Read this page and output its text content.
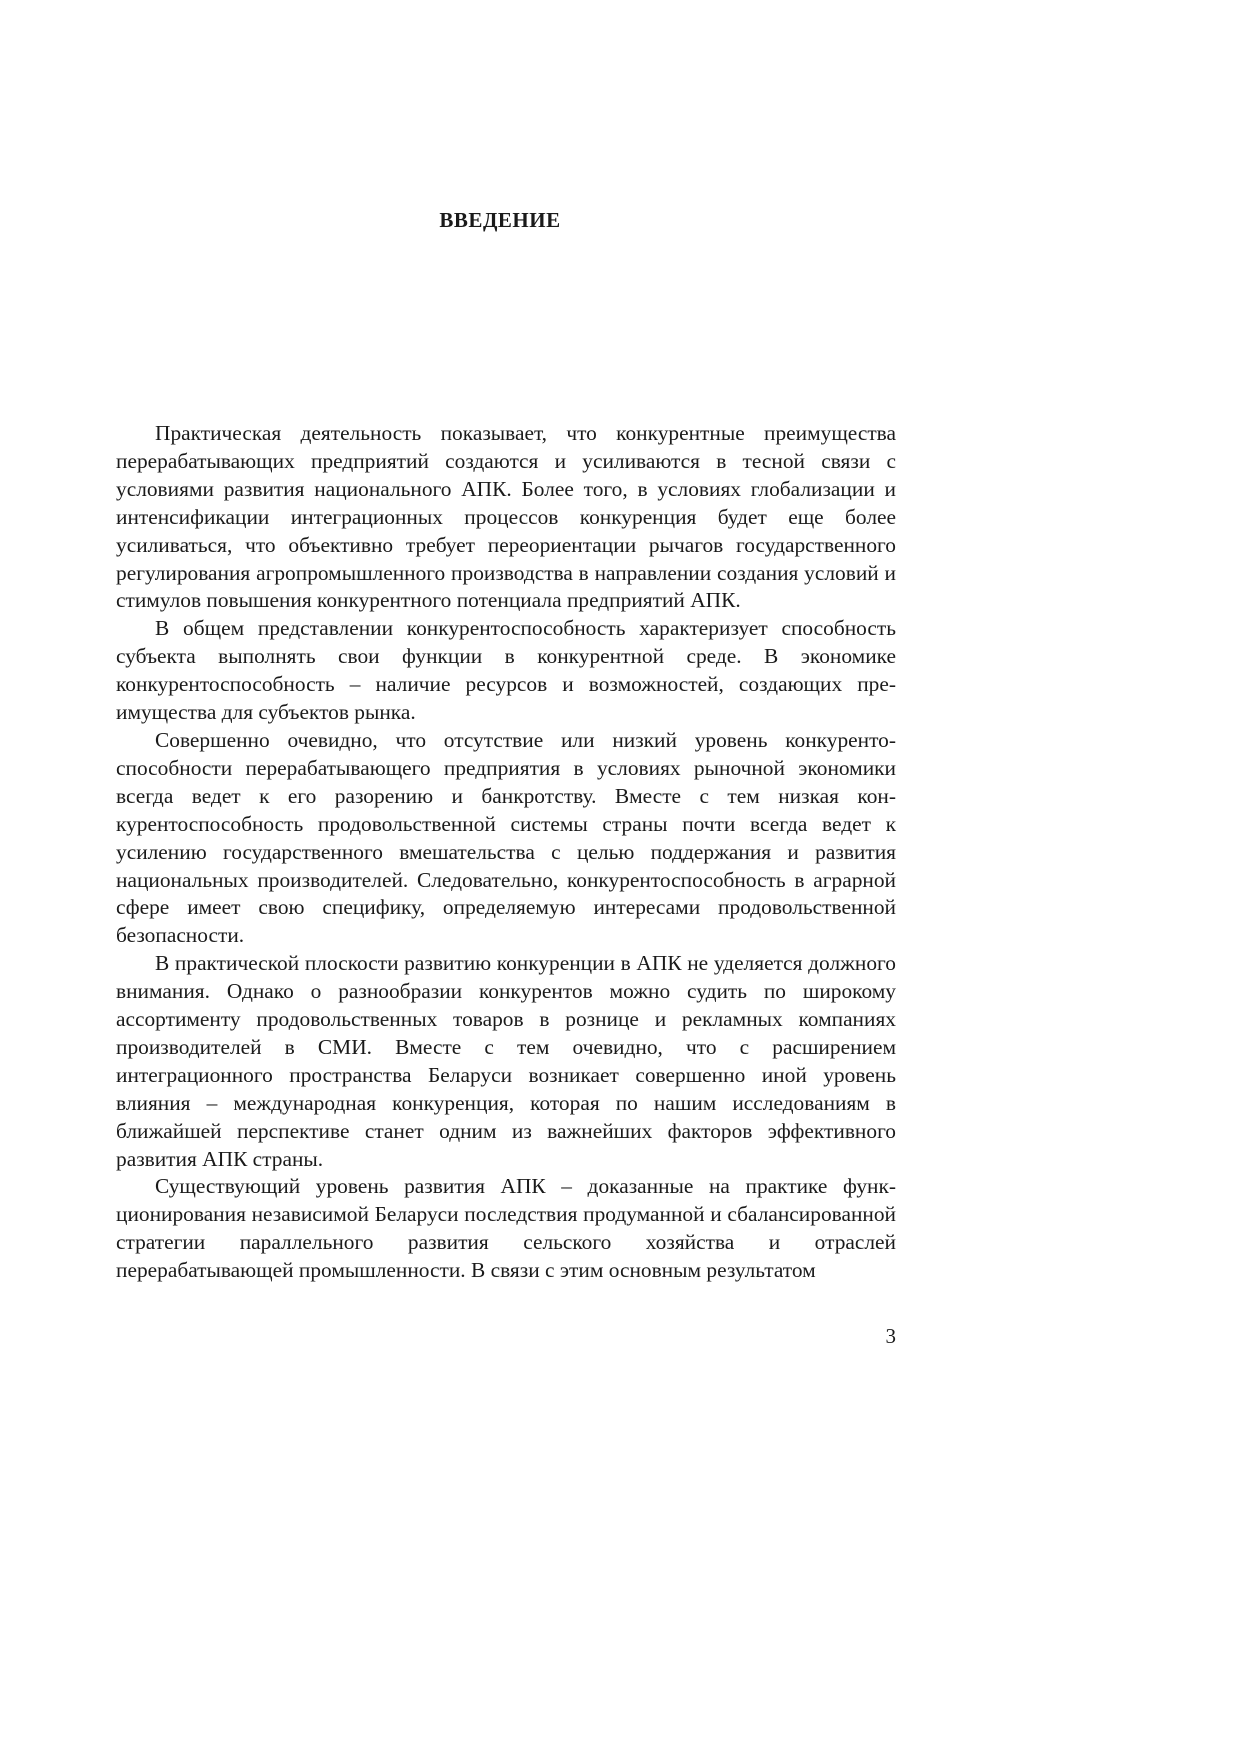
ВВЕДЕНИЕ

Практическая деятельность показывает, что конкурентные преимущества перерабатывающих предприятий создаются и усиливаются в тесной связи с условиями развития национального АПК. Более того, в условиях глобализации и интенсификации интеграционных процессов конкуренция будет еще более усиливаться, что объективно требует переориентации рычагов государственного регулирования агропромышленного производства в направлении создания условий и стимулов повышения конкурентного потенциала предприятий АПК.

В общем представлении конкурентоспособность характеризует способность субъекта выполнять свои функции в конкурентной среде. В экономике конкурентоспособность – наличие ресурсов и возможностей, создающих преимущества для субъектов рынка.

Совершенно очевидно, что отсутствие или низкий уровень конкурентоспособности перерабатывающего предприятия в условиях рыночной экономики всегда ведет к его разорению и банкротству. Вместе с тем низкая конкурентоспособность продовольственной системы страны почти всегда ведет к усилению государственного вмешательства с целью поддержания и развития национальных производителей. Следовательно, конкурентоспособность в аграрной сфере имеет свою специфику, определяемую интересами продовольственной безопасности.

В практической плоскости развитию конкуренции в АПК не уделяется должного внимания. Однако о разнообразии конкурентов можно судить по широкому ассортименту продовольственных товаров в рознице и рекламных компаниях производителей в СМИ. Вместе с тем очевидно, что с расширением интеграционного пространства Беларуси возникает совершенно иной уровень влияния – международная конкуренция, которая по нашим исследованиям в ближайшей перспективе станет одним из важнейших факторов эффективного развития АПК страны.

Существующий уровень развития АПК – доказанные на практике функционирования независимой Беларуси последствия продуманной и сбалансированной стратегии параллельного развития сельского хозяйства и отраслей перерабатывающей промышленности. В связи с этим основным результатом

3
